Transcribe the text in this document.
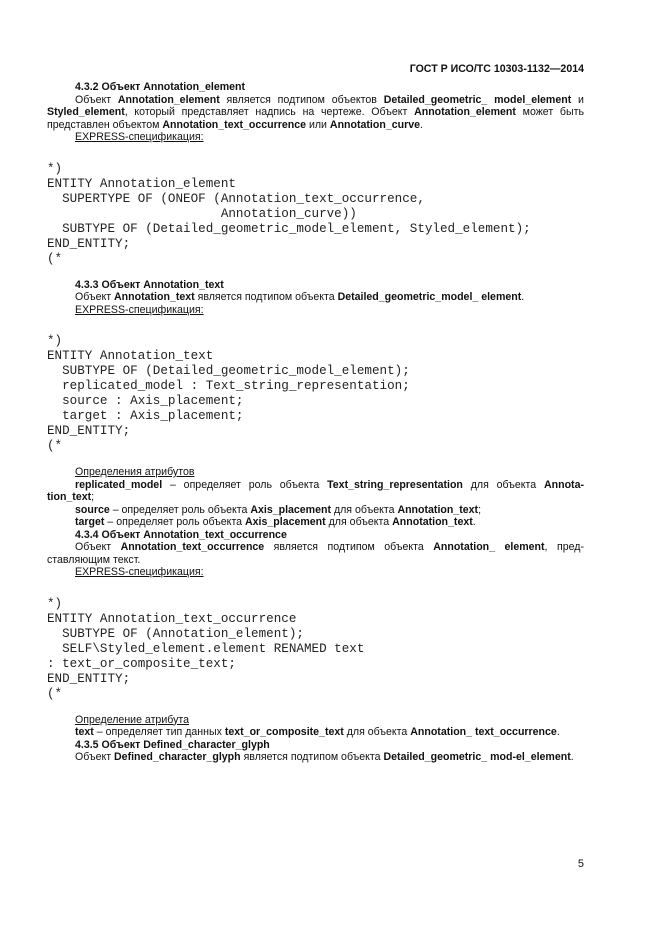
ГОСТ Р ИСО/ТС 10303-1132—2014
4.3.2 Объект Annotation_element

Объект Annotation_element является подтипом объектов Detailed_geometric_ model_element и Styled_element, который представляет надпись на чертеже. Объект Annotation_element может быть представлен объектом Annotation_text_occurrence или Annotation_curve.

EXPRESS-спецификация:
*)
ENTITY Annotation_element
SUPERTYPE OF (ONEOF (Annotation_text_occurrence,
Annotation_curve))
SUBTYPE OF (Detailed_geometric_model_element, Styled_element);
END_ENTITY;
(*
4.3.3 Объект Annotation_text

Объект Annotation_text является подтипом объекта Detailed_geometric_model_ element.

EXPRESS-спецификация:
*)
ENTITY Annotation_text
SUBTYPE OF (Detailed_geometric_model_element);
replicated_model : Text_string_representation;
source : Axis_placement;
target : Axis_placement;
END_ENTITY;
(*
Определения атрибутов

replicated_model – определяет роль объекта Text_string_representation для объекта Annota-tion_text;

source – определяет роль объекта Axis_placement для объекта Annotation_text;

target – определяет роль объекта Axis_placement для объекта Annotation_text.

4.3.4 Объект Annotation_text_occurrence

Объект Annotation_text_occurrence является подтипом объекта Annotation_ element, пред-ставляющим текст.

EXPRESS-спецификация:
*)
ENTITY Annotation_text_occurrence
SUBTYPE OF (Annotation_element);
SELF\Styled_element.element RENAMED text
: text_or_composite_text;
END_ENTITY;
(*
Определение атрибута

text – определяет тип данных text_or_composite_text для объекта Annotation_ text_occurrence.

4.3.5 Объект Defined_character_glyph

Объект Defined_character_glyph является подтипом объекта Detailed_geometric_ mod-el_element.

5
